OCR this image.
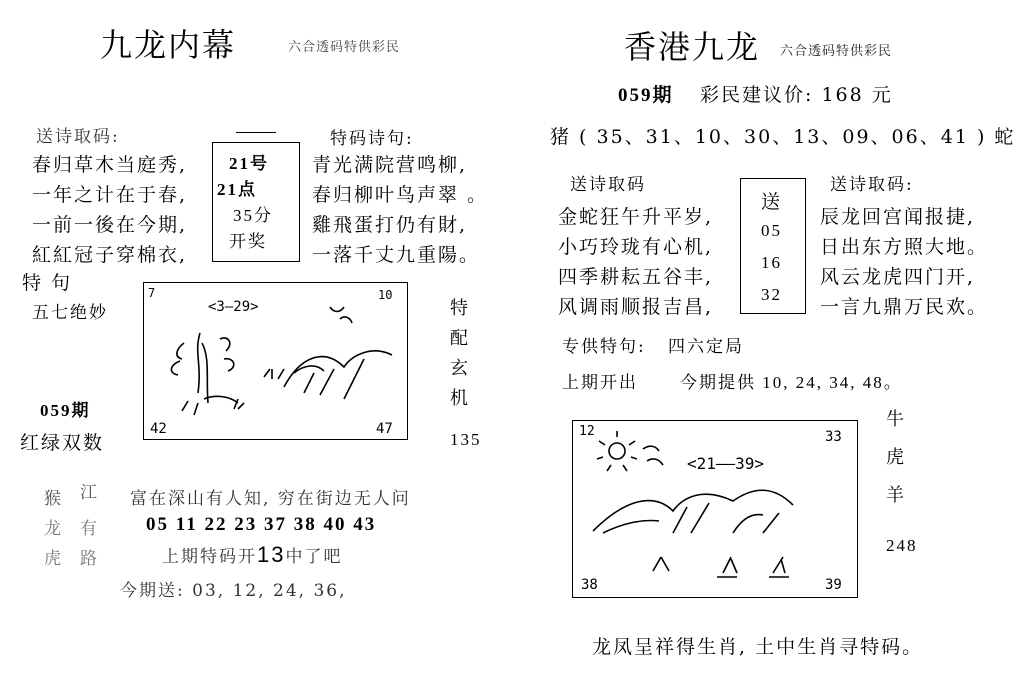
九龙内幕	六合透码特供彩民
送诗取码:
春归草木当庭秀,
一年之计在于春,
一前一後在今期,
紅紅冠子穿棉衣,
21号
21点
35分
开奖
特码诗句:
青光满院营鸣柳,
春归柳叶鸟声翠 。
雞飛蛋打仍有財,
一落千丈九重陽。
特 句
五七绝妙
7	10
42	47
<3—29>	特
配
玄
机
059期
红绿双数	135
猴 江
龙 有
虎 路
富在深山有人知, 穷在街边无人问
05 11 22 23 37 38 40 43
上期特码开13中了吧
今期送: 03, 12, 24, 36,
香港九龙 六合透码特供彩民
059期 彩民建议价: 168 元
猪 ( 35、31、10、30、13、09、06、41 ) 蛇
送诗取码
金蛇狂午升平岁,
小巧玲珑有心机,
四季耕耘五谷丰,
风调雨顺报吉昌,
送
05
16
32
送诗取码:
辰龙回宫闻报捷,
日出东方照大地。
风云龙虎四门开,
一言九鼎万民欢。
专供特句: 四六定局
上期开出 今期提供 10, 24, 34, 48。
12	33
38	39
<21——39>
牛
虎
羊
248
龙凤呈祥得生肖, 土中生肖寻特码。
